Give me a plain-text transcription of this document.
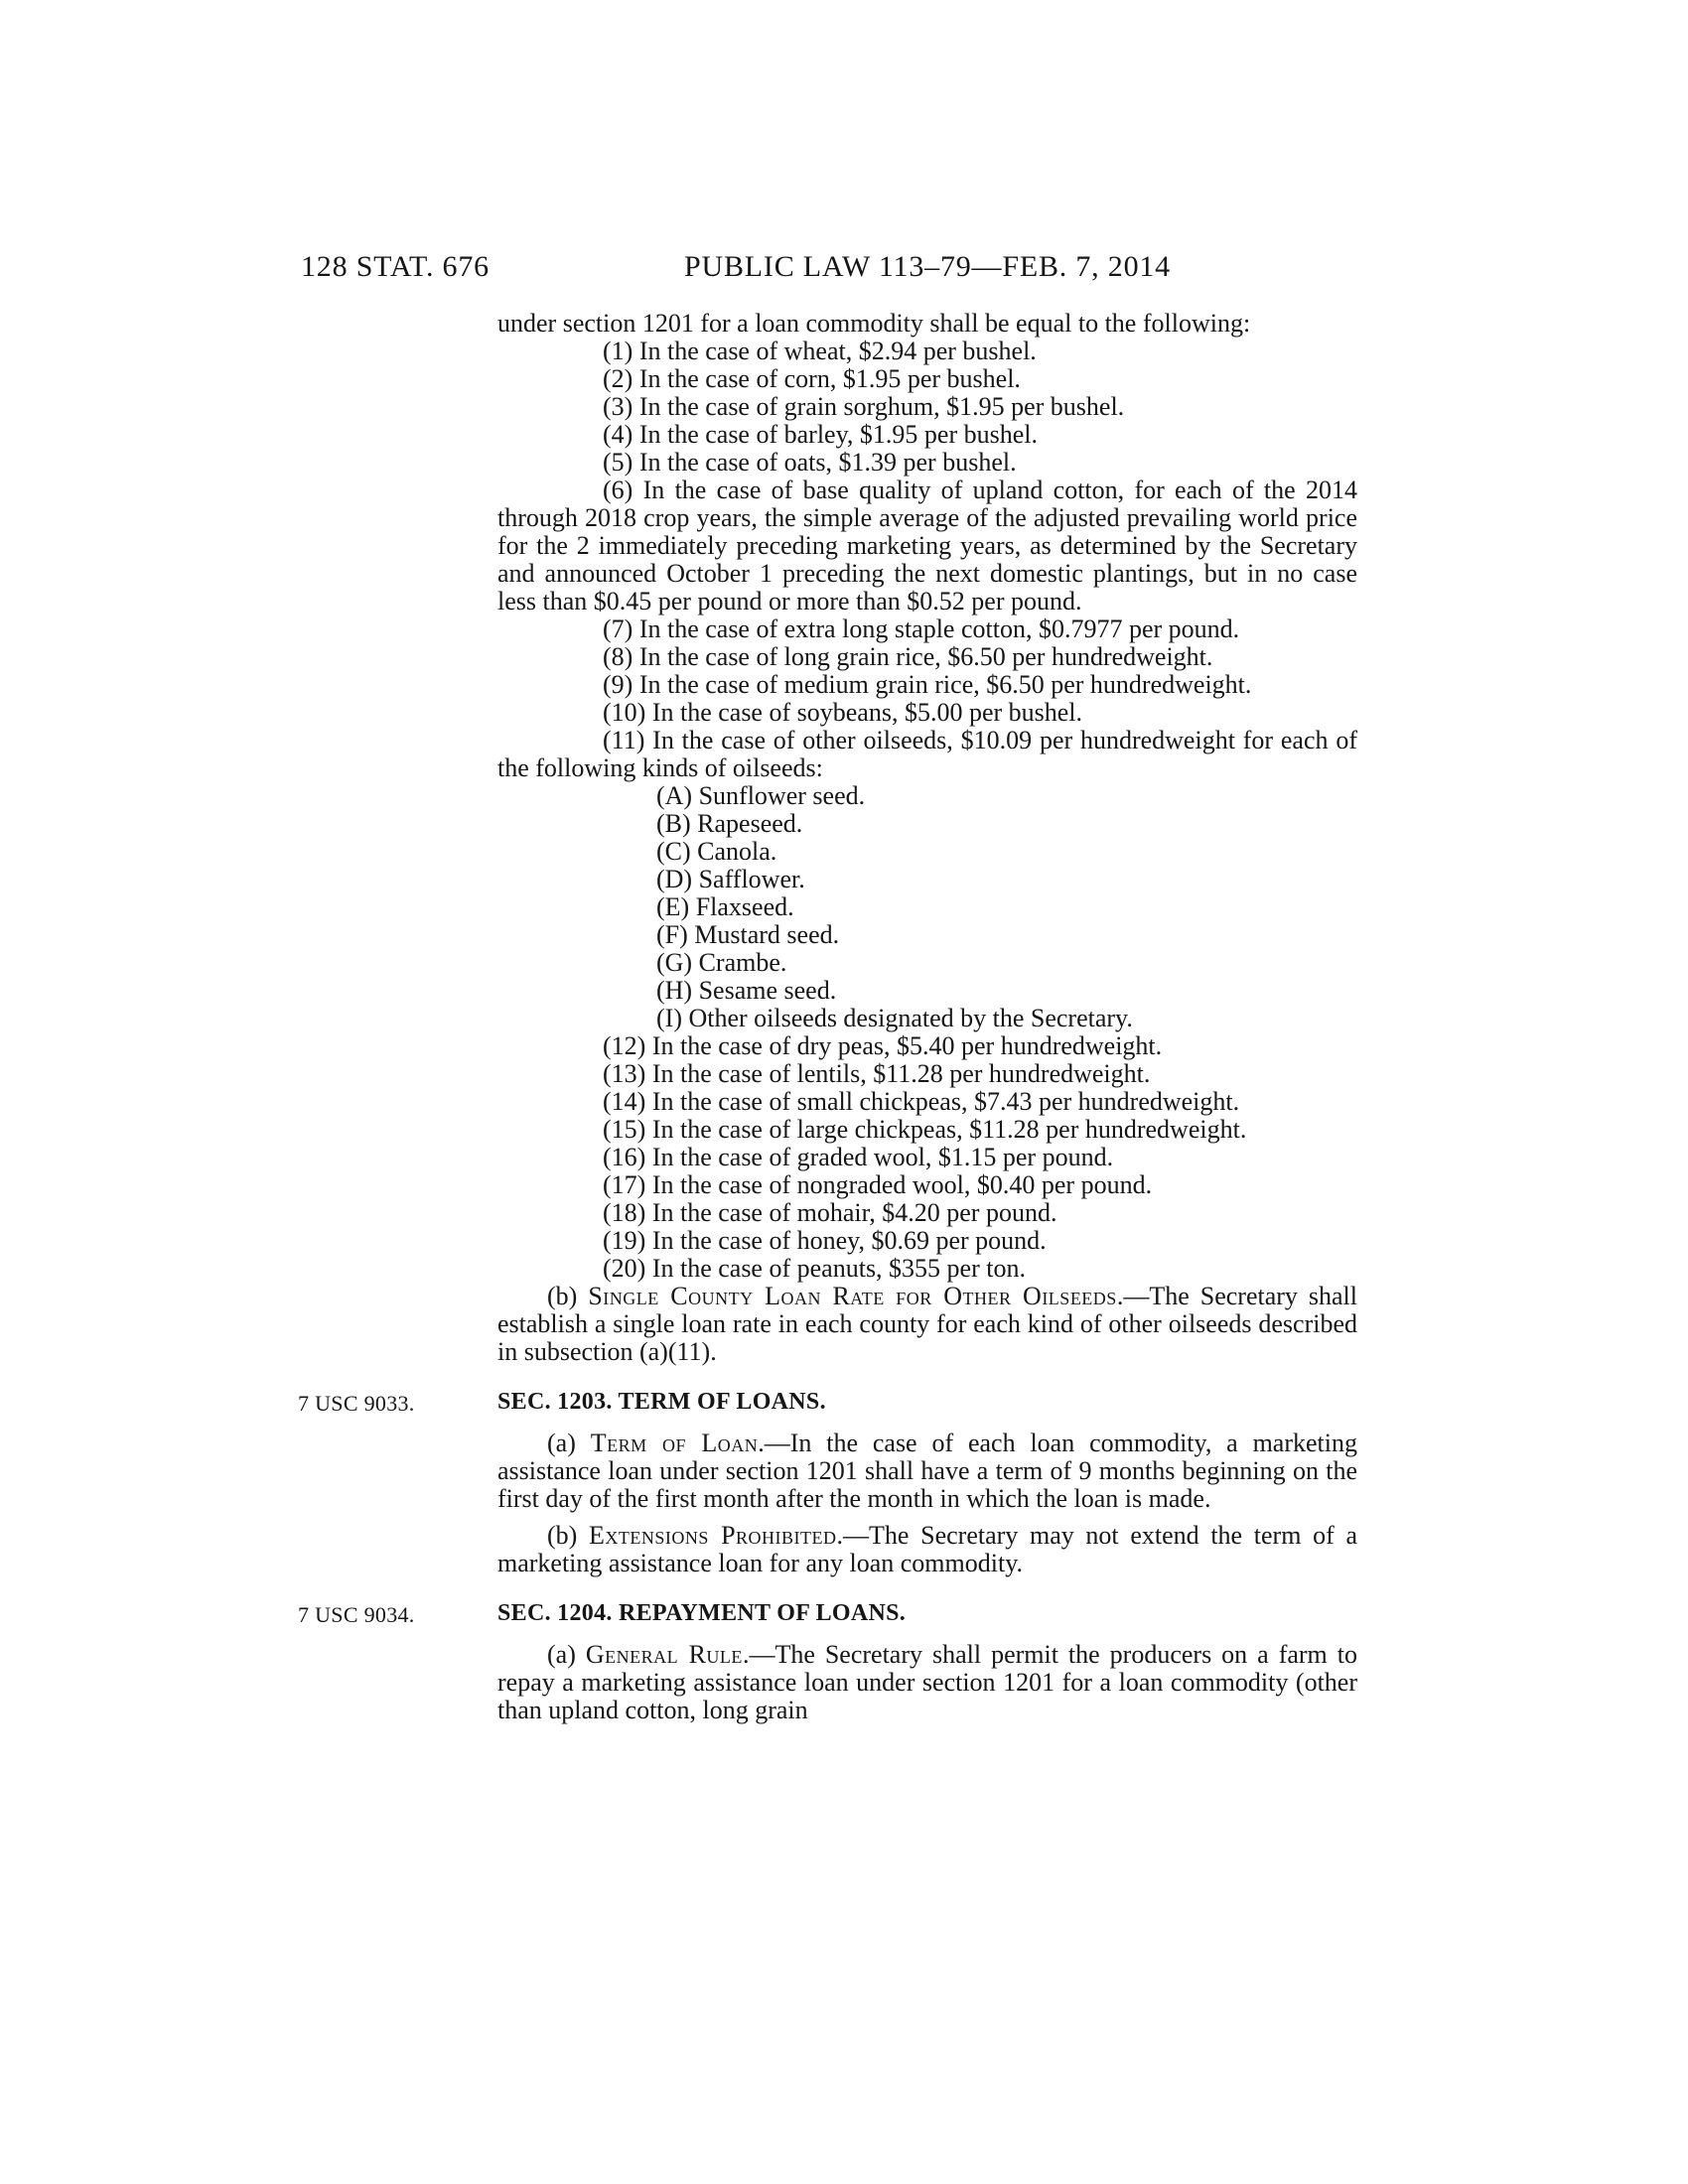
128 STAT. 676	PUBLIC LAW 113–79—FEB. 7, 2014

under section 1201 for a loan commodity shall be equal to the following:

(1) In the case of wheat, $2.94 per bushel.

(2) In the case of corn, $1.95 per bushel.

(3) In the case of grain sorghum, $1.95 per bushel.

(4) In the case of barley, $1.95 per bushel.

(5) In the case of oats, $1.39 per bushel.

(6) In the case of base quality of upland cotton, for each of the 2014 through 2018 crop years, the simple average of the adjusted prevailing world price for the 2 immediately preceding marketing years, as determined by the Secretary and announced October 1 preceding the next domestic plantings, but in no case less than $0.45 per pound or more than $0.52 per pound.

(7) In the case of extra long staple cotton, $0.7977 per pound.

(8) In the case of long grain rice, $6.50 per hundredweight.

(9) In the case of medium grain rice, $6.50 per hundredweight.

(10) In the case of soybeans, $5.00 per bushel.

(11) In the case of other oilseeds, $10.09 per hundredweight for each of the following kinds of oilseeds:

(A) Sunflower seed.

(B) Rapeseed.

(C) Canola.

(D) Safflower.

(E) Flaxseed.

(F) Mustard seed.

(G) Crambe.

(H) Sesame seed.

(I) Other oilseeds designated by the Secretary.

(12) In the case of dry peas, $5.40 per hundredweight.

(13) In the case of lentils, $11.28 per hundredweight.

(14) In the case of small chickpeas, $7.43 per hundredweight.

(15) In the case of large chickpeas, $11.28 per hundredweight.

(16) In the case of graded wool, $1.15 per pound.

(17) In the case of nongraded wool, $0.40 per pound.

(18) In the case of mohair, $4.20 per pound.

(19) In the case of honey, $0.69 per pound.

(20) In the case of peanuts, $355 per ton.

(b) Single County Loan Rate for Other Oilseeds.—The Secretary shall establish a single loan rate in each county for each kind of other oilseeds described in subsection (a)(11).

7 USC 9033.	SEC. 1203. TERM OF LOANS.

(a) Term of Loan.—In the case of each loan commodity, a marketing assistance loan under section 1201 shall have a term of 9 months beginning on the first day of the first month after the month in which the loan is made.

(b) Extensions Prohibited.—The Secretary may not extend the term of a marketing assistance loan for any loan commodity.

7 USC 9034.	SEC. 1204. REPAYMENT OF LOANS.

(a) General Rule.—The Secretary shall permit the producers on a farm to repay a marketing assistance loan under section 1201 for a loan commodity (other than upland cotton, long grain
